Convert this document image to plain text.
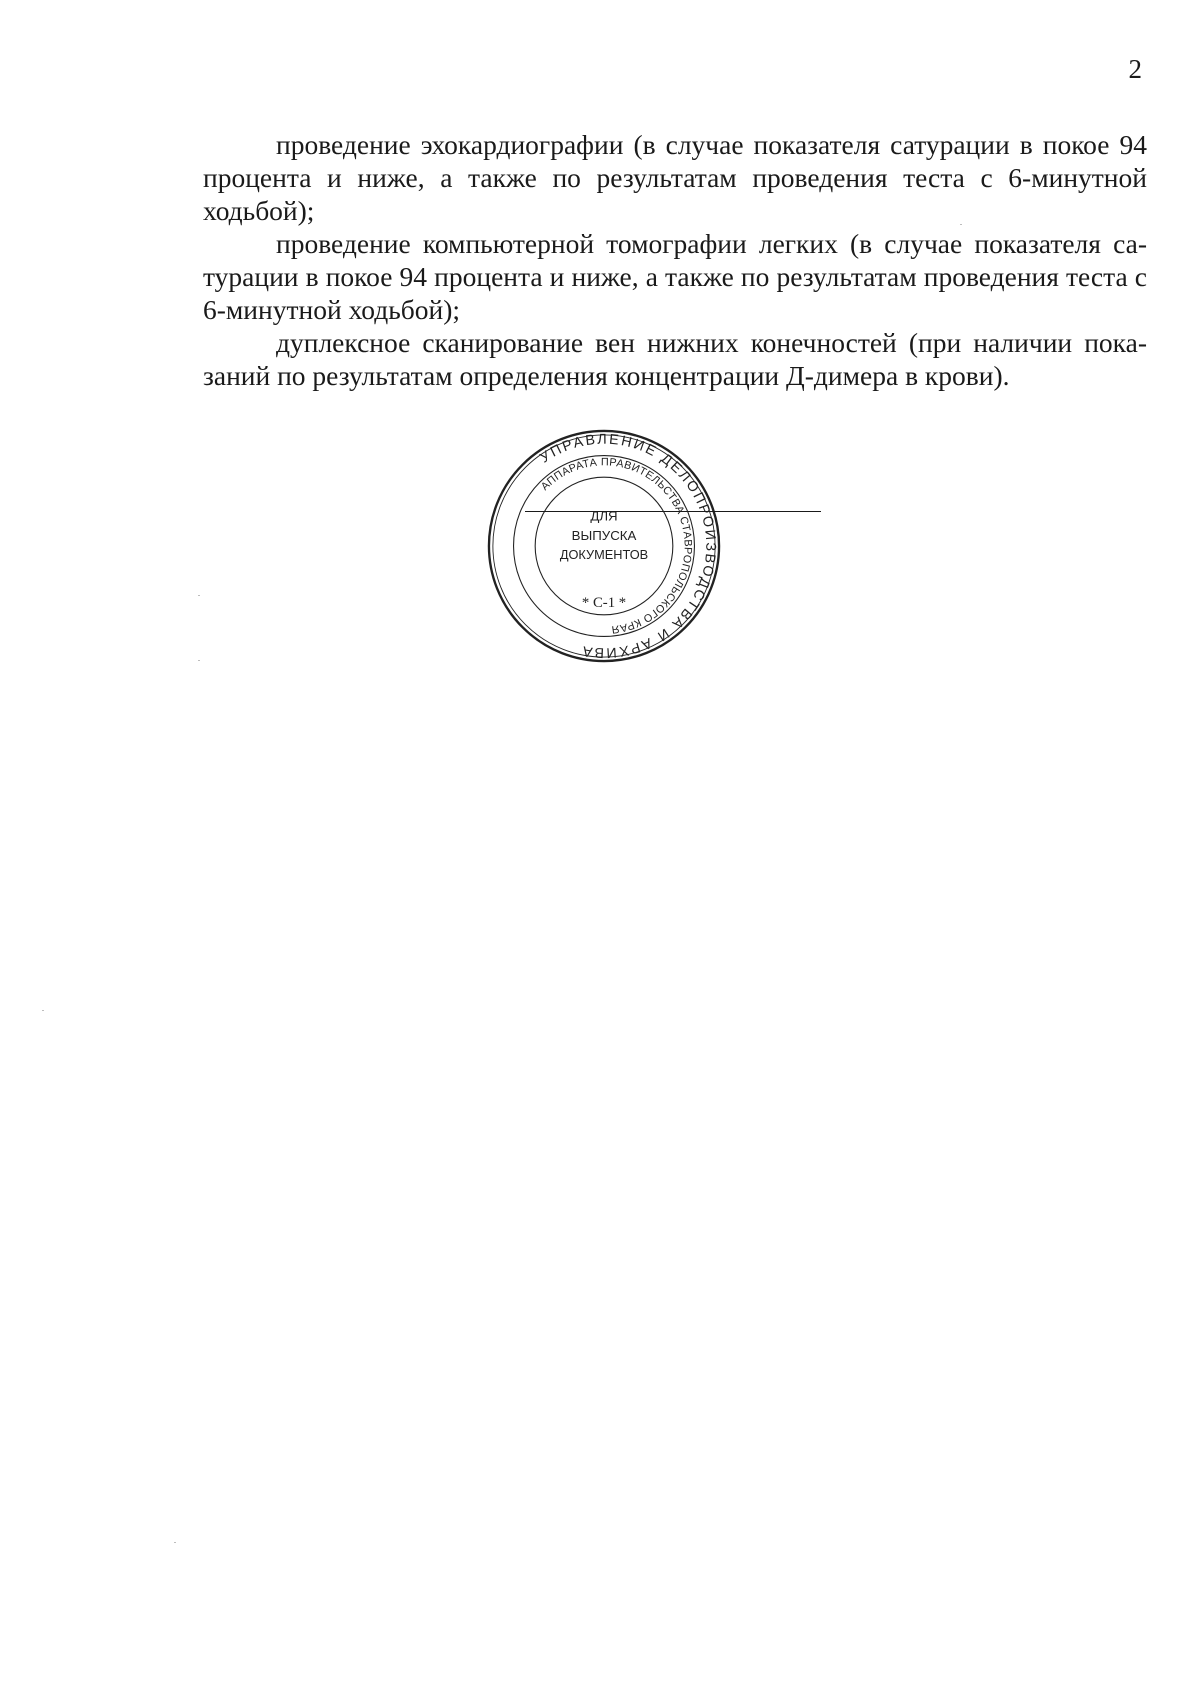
2

проведение эхокардиографии (в случае показателя сатурации в покое 94 процента и ниже, а также по результатам проведения теста с 6-минутной ходьбой);

проведение компьютерной томографии легких (в случае показателя сатурации в покое 94 процента и ниже, а также по результатам проведения теста с 6-минутной ходьбой);

дуплексное сканирование вен нижних конечностей (при наличии показаний по результатам определения концентрации Д-димера в крови).

УПРАВЛЕНИЕ ДЕЛОПРОИЗВОДСТВА И АРХИВА
АППАРАТА ПРАВИТЕЛЬСТВА СТАВРОПОЛЬСКОГО КРАЯ
ДЛЯ
ВЫПУСКА
ДОКУМЕНТОВ
* С-1 *
